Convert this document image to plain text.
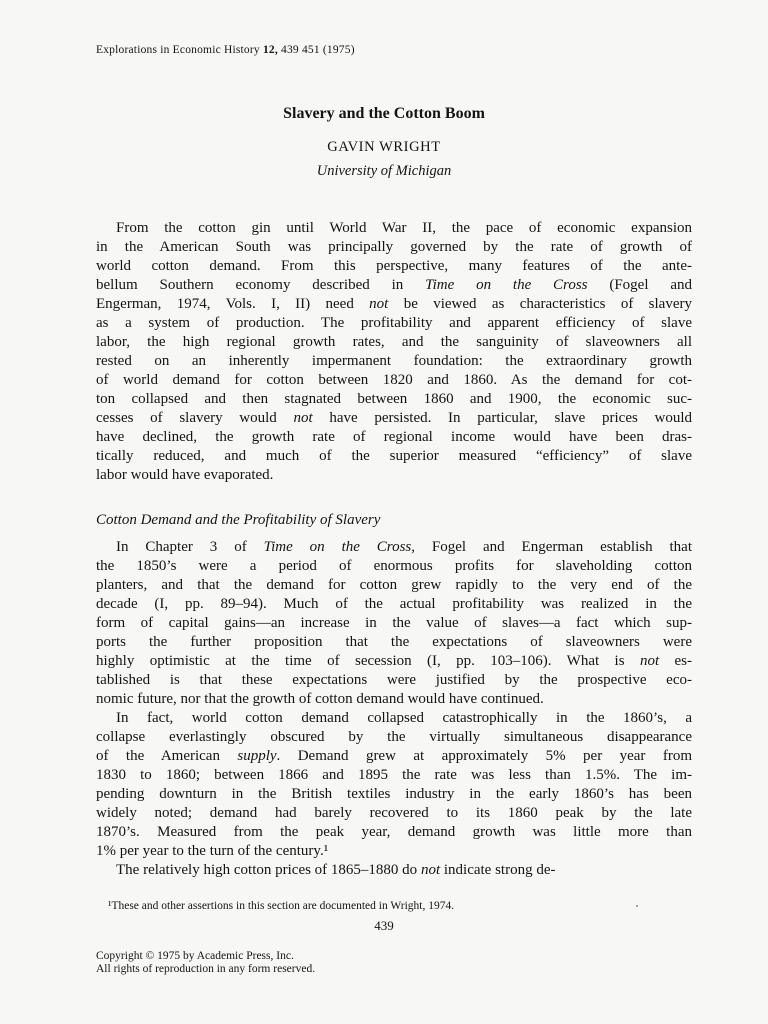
Explorations in Economic History 12, 439 451 (1975)
Slavery and the Cotton Boom
GAVIN WRIGHT
University of Michigan
From the cotton gin until World War II, the pace of economic expansion
in the American South was principally governed by the rate of growth of
world cotton demand. From this perspective, many features of the ante-
bellum Southern economy described in Time on the Cross (Fogel and
Engerman, 1974, Vols. I, II) need not be viewed as characteristics of slavery
as a system of production. The profitability and apparent efficiency of slave
labor, the high regional growth rates, and the sanguinity of slaveowners all
rested on an inherently impermanent foundation: the extraordinary growth
of world demand for cotton between 1820 and 1860. As the demand for cot-
ton collapsed and then stagnated between 1860 and 1900, the economic suc-
cesses of slavery would not have persisted. In particular, slave prices would
have declined, the growth rate of regional income would have been dras-
tically reduced, and much of the superior measured “efficiency” of slave
labor would have evaporated.
Cotton Demand and the Profitability of Slavery
In Chapter 3 of Time on the Cross, Fogel and Engerman establish that
the 1850’s were a period of enormous profits for slaveholding cotton
planters, and that the demand for cotton grew rapidly to the very end of the
decade (I, pp. 89–94). Much of the actual profitability was realized in the
form of capital gains—an increase in the value of slaves—a fact which sup-
ports the further proposition that the expectations of slaveowners were
highly optimistic at the time of secession (I, pp. 103–106). What is not es-
tablished is that these expectations were justified by the prospective eco-
nomic future, nor that the growth of cotton demand would have continued.
In fact, world cotton demand collapsed catastrophically in the 1860’s, a
collapse everlastingly obscured by the virtually simultaneous disappearance
of the American supply. Demand grew at approximately 5% per year from
1830 to 1860; between 1866 and 1895 the rate was less than 1.5%. The im-
pending downturn in the British textiles industry in the early 1860’s has been
widely noted; demand had barely recovered to its 1860 peak by the late
1870’s. Measured from the peak year, demand growth was little more than
1% per year to the turn of the century.¹
The relatively high cotton prices of 1865–1880 do not indicate strong de-
¹These and other assertions in this section are documented in Wright, 1974.
439
Copyright © 1975 by Academic Press, Inc.
All rights of reproduction in any form reserved.
